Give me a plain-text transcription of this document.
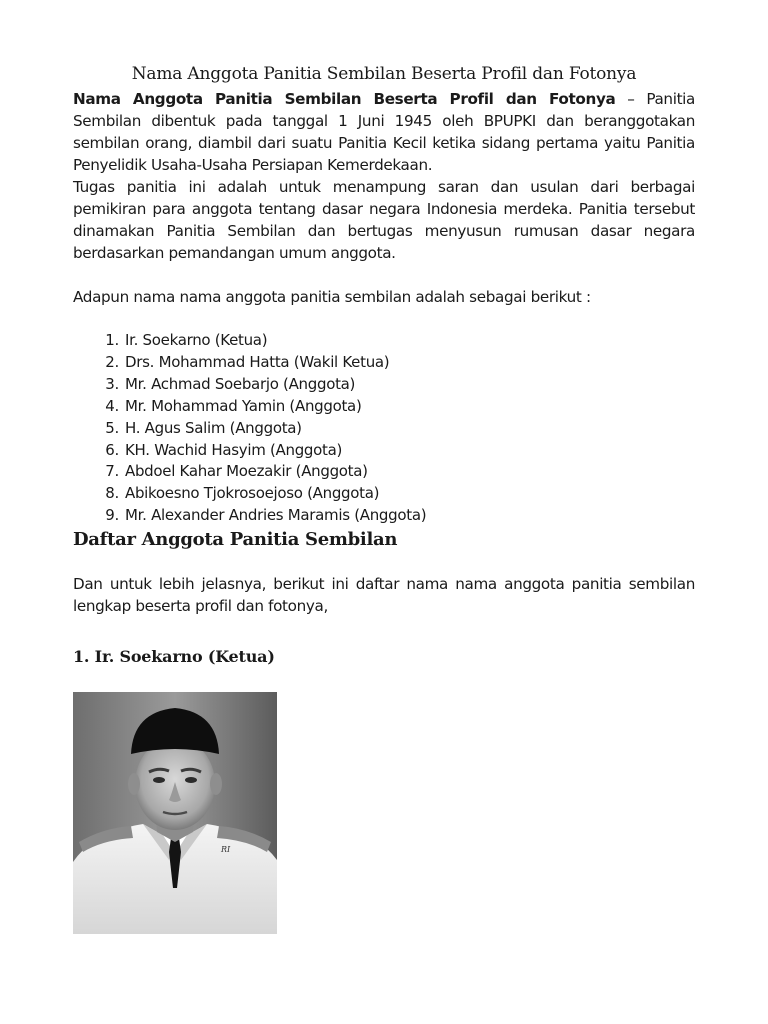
Nama Anggota Panitia Sembilan Beserta Profil dan Fotonya

Nama Anggota Panitia Sembilan Beserta Profil dan Fotonya – Panitia Sembilan dibentuk pada tanggal 1 Juni 1945 oleh BPUPKI dan beranggotakan sembilan orang, diambil dari suatu Panitia Kecil ketika sidang pertama yaitu Panitia Penyelidik Usaha-Usaha Persiapan Kemerdekaan.

Tugas panitia ini adalah untuk menampung saran dan usulan dari berbagai pemikiran para anggota tentang dasar negara Indonesia merdeka. Panitia tersebut dinamakan Panitia Sembilan dan bertugas menyusun rumusan dasar negara berdasarkan pemandangan umum anggota.

Adapun nama nama anggota panitia sembilan adalah sebagai berikut :

1. Ir. Soekarno (Ketua)
2. Drs. Mohammad Hatta (Wakil Ketua)
3. Mr. Achmad Soebarjo (Anggota)
4. Mr. Mohammad Yamin (Anggota)
5. H. Agus Salim (Anggota)
6. KH. Wachid Hasyim (Anggota)
7. Abdoel Kahar Moezakir (Anggota)
8. Abikoesno Tjokrosoejoso (Anggota)
9. Mr. Alexander Andries Maramis (Anggota)
Daftar Anggota Panitia Sembilan

Dan untuk lebih jelasnya, berikut ini daftar nama nama anggota panitia sembilan lengkap beserta profil dan fotonya,

1. Ir. Soekarno (Ketua)
RI
